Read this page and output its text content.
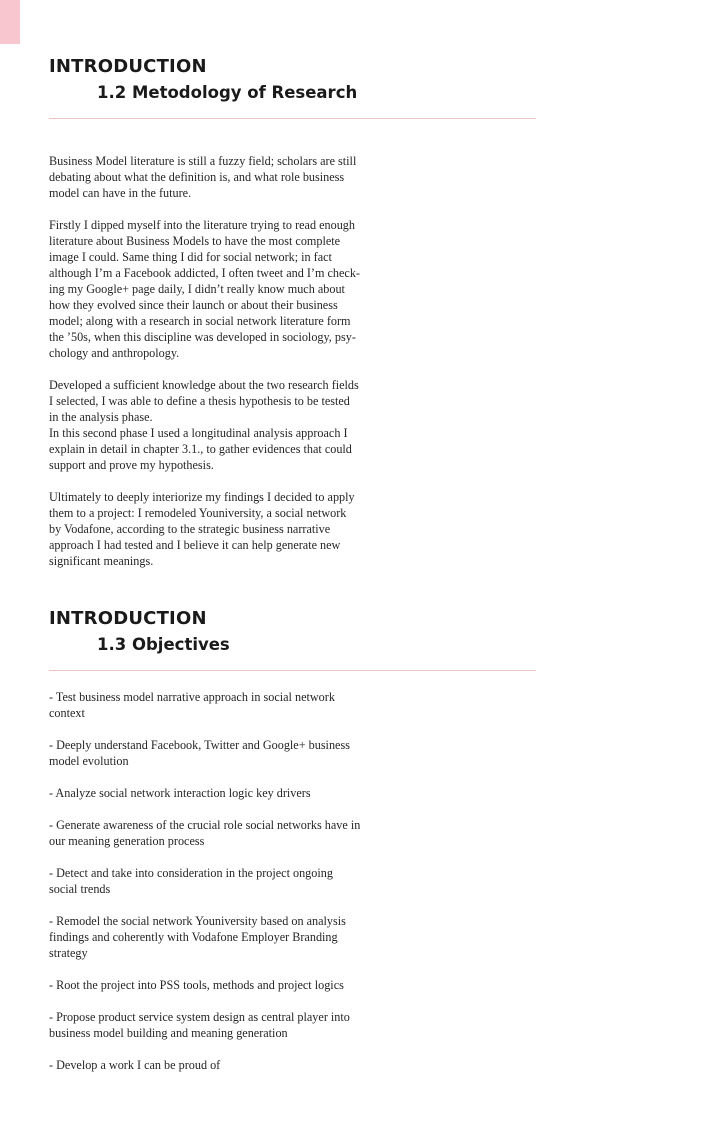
INTRODUCTION
1.2 Metodology of Research

Business Model literature is still a fuzzy field; scholars are still
debating about what the definition is, and what role business
model can have in the future.

Firstly I dipped myself into the literature trying to read enough
literature about Business Models to have the most complete
image I could. Same thing I did for social network; in fact
although I’m a Facebook addicted, I often tweet and I’m check-
ing my Google+ page daily, I didn’t really know much about
how they evolved since their launch or about their business
model; along with a research in social network literature form
the ’50s, when this discipline was developed in sociology, psy-
chology and anthropology.

Developed a sufficient knowledge about the two research fields
I selected, I was able to define a thesis hypothesis to be tested
in the analysis phase.

In this second phase I used a longitudinal analysis approach I
explain in detail in chapter 3.1., to gather evidences that could
support and prove my hypothesis.

Ultimately to deeply interiorize my findings I decided to apply
them to a project: I remodeled Youniversity, a social network
by Vodafone, according to the strategic business narrative
approach I had tested and I believe it can help generate new
significant meanings.

INTRODUCTION
1.3 Objectives

- Test business model narrative approach in social network
context

- Deeply understand Facebook, Twitter and Google+ business
model evolution

- Analyze social network interaction logic key drivers

- Generate awareness of the crucial role social networks have in
our meaning generation process

- Detect and take into consideration in the project ongoing
social trends

- Remodel the social network Youniversity based on analysis
findings and coherently with Vodafone Employer Branding
strategy

- Root the project into PSS tools, methods and project logics

- Propose product service system design as central player into
business model building and meaning generation

- Develop a work I can be proud of
